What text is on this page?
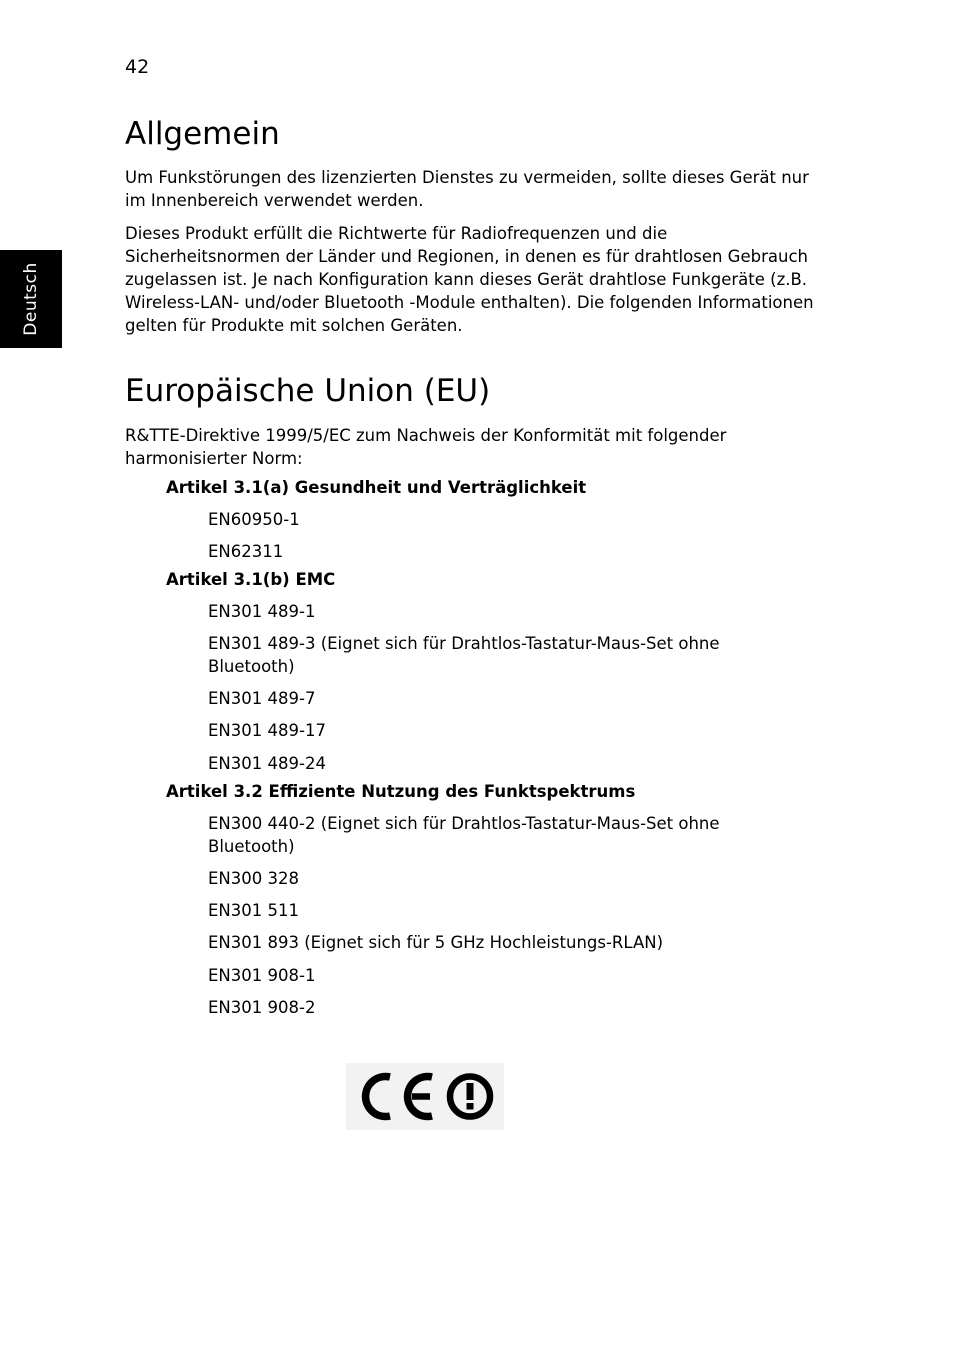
42
Deutsch
Allgemein

Um Funkstörungen des lizenzierten Dienstes zu vermeiden, sollte dieses Gerät nur im Innenbereich verwendet werden.

Dieses Produkt erfüllt die Richtwerte für Radiofrequenzen und die Sicherheitsnormen der Länder und Regionen, in denen es für drahtlosen Gebrauch zugelassen ist. Je nach Konfiguration kann dieses Gerät drahtlose Funkgeräte (z.B. Wireless-LAN- und/oder Bluetooth -Module enthalten). Die folgenden Informationen gelten für Produkte mit solchen Geräten.

Europäische Union (EU)

R&TTE-Direktive 1999/5/EC zum Nachweis der Konformität mit folgender harmonisierter Norm:

Artikel 3.1(a) Gesundheit und Verträglichkeit

EN60950-1

EN62311

Artikel 3.1(b) EMC

EN301 489-1

EN301 489-3 (Eignet sich für Drahtlos-Tastatur-Maus-Set ohne Bluetooth)

EN301 489-7

EN301 489-17

EN301 489-24

Artikel 3.2 Effiziente Nutzung des Funktspektrums

EN300 440-2 (Eignet sich für Drahtlos-Tastatur-Maus-Set ohne Bluetooth)

EN300 328

EN301 511

EN301 893 (Eignet sich für 5 GHz Hochleistungs-RLAN)

EN301 908-1

EN301 908-2
